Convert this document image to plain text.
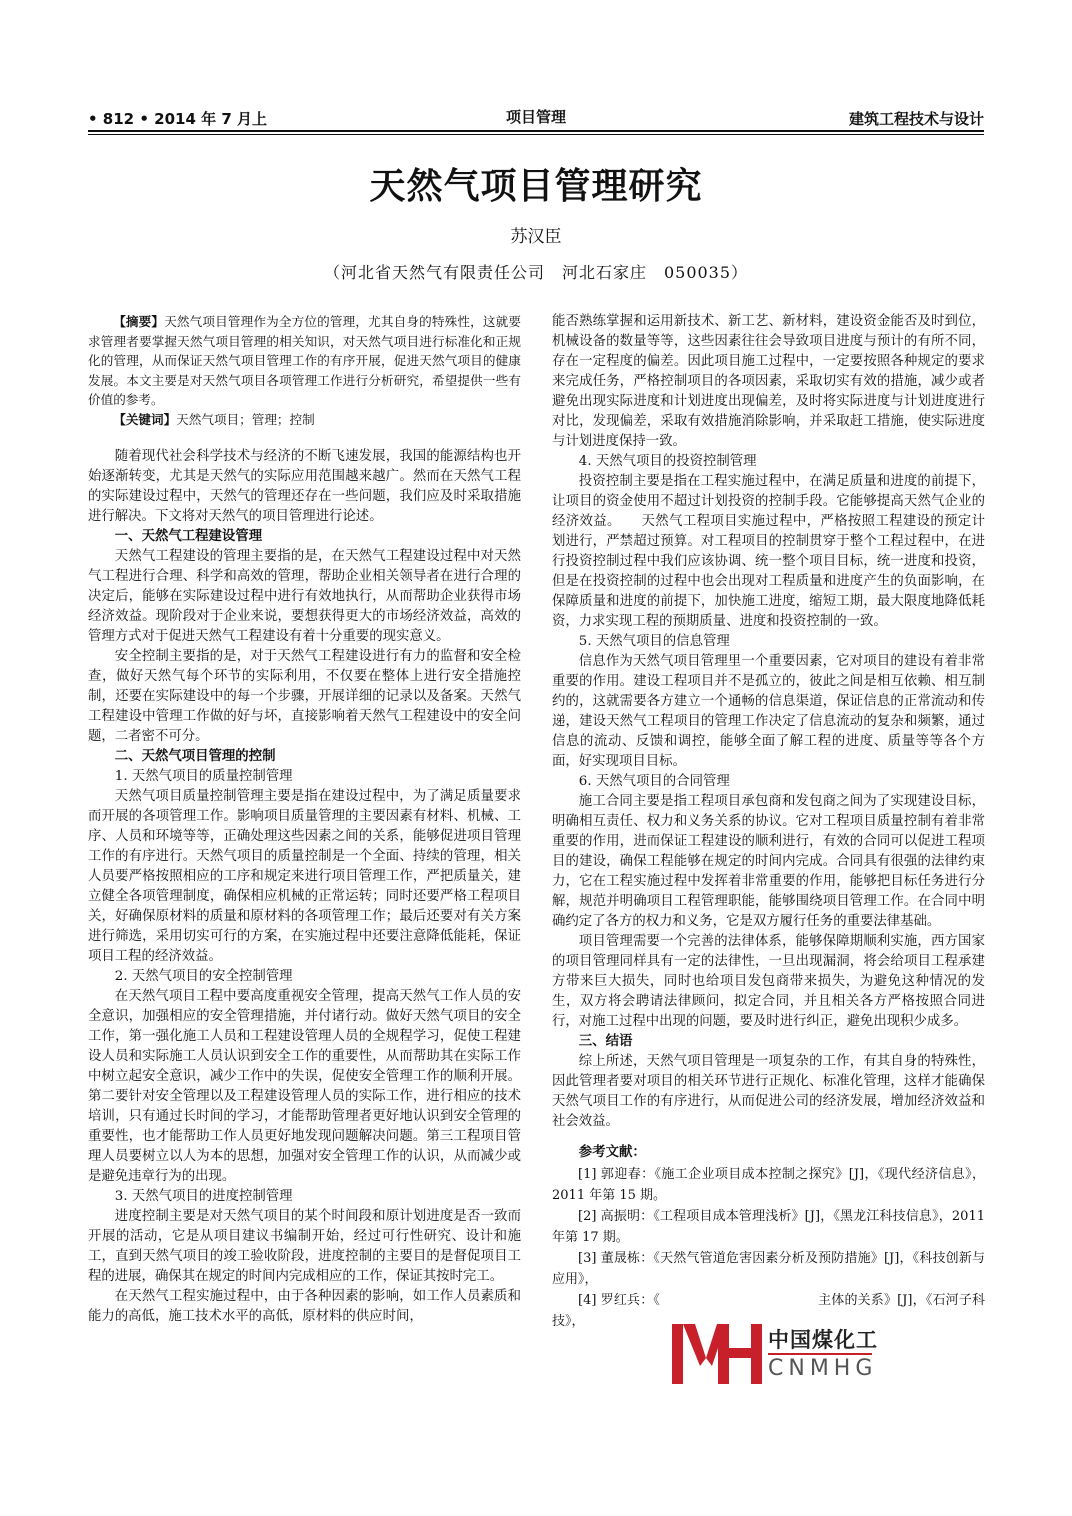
• 812 • 2014 年 7 月上	项目管理	建筑工程技术与设计
天然气项目管理研究
苏汉臣
（河北省天然气有限责任公司　河北石家庄　050035）

【摘要】天然气项目管理作为全方位的管理，尤其自身的特殊性，这就要求管理者要掌握天然气项目管理的相关知识，对天然气项目进行标准化和正规化的管理，从而保证天然气项目管理工作的有序开展，促进天然气项目的健康发展。本文主要是对天然气项目各项管理工作进行分析研究，希望提供一些有价值的参考。

【关键词】天然气项目；管理；控制

随着现代社会科学技术与经济的不断飞速发展，我国的能源结构也开始逐渐转变，尤其是天然气的实际应用范围越来越广。然而在天然气工程的实际建设过程中，天然气的管理还存在一些问题，我们应及时采取措施进行解决。下文将对天然气的项目管理进行论述。

一、天然气工程建设管理

天然气工程建设的管理主要指的是，在天然气工程建设过程中对天然气工程进行合理、科学和高效的管理，帮助企业相关领导者在进行合理的决定后，能够在实际建设过程中进行有效地执行，从而帮助企业获得市场经济效益。现阶段对于企业来说，要想获得更大的市场经济效益，高效的管理方式对于促进天然气工程建设有着十分重要的现实意义。

安全控制主要指的是，对于天然气工程建设进行有力的监督和安全检查，做好天然气每个环节的实际利用，不仅要在整体上进行安全措施控制，还要在实际建设中的每一个步骤，开展详细的记录以及备案。天然气工程建设中管理工作做的好与坏，直接影响着天然气工程建设中的安全问题，二者密不可分。

二、天然气项目管理的控制
1. 天然气项目的质量控制管理

天然气项目质量控制管理主要是指在建设过程中，为了满足质量要求而开展的各项管理工作。影响项目质量管理的主要因素有材料、机械、工序、人员和环境等等，正确处理这些因素之间的关系，能够促进项目管理工作的有序进行。天然气项目的质量控制是一个全面、持续的管理，相关人员要严格按照相应的工序和规定来进行项目管理工作，严把质量关，建立健全各项管理制度，确保相应机械的正常运转；同时还要严格工程项目关，好确保原材料的质量和原材料的各项管理工作；最后还要对有关方案进行筛选，采用切实可行的方案，在实施过程中还要注意降低能耗，保证项目工程的经济效益。

2. 天然气项目的安全控制管理

在天然气项目工程中要高度重视安全管理，提高天然气工作人员的安全意识，加强相应的安全管理措施，并付诸行动。做好天然气项目的安全工作，第一强化施工人员和工程建设管理人员的全规程学习，促使工程建设人员和实际施工人员认识到安全工作的重要性，从而帮助其在实际工作中树立起安全意识，减少工作中的失误，促使安全管理工作的顺利开展。第二要针对安全管理以及工程建设管理人员的实际工作，进行相应的技术培训，只有通过长时间的学习，才能帮助管理者更好地认识到安全管理的重要性，也才能帮助工作人员更好地发现问题解决问题。第三工程项目管理人员要树立以人为本的思想，加强对安全管理工作的认识，从而减少或是避免违章行为的出现。

3. 天然气项目的进度控制管理

进度控制主要是对天然气项目的某个时间段和原计划进度是否一致而开展的活动，它是从项目建议书编制开始，经过可行性研究、设计和施工，直到天然气项目的竣工验收阶段，进度控制的主要目的是督促项目工程的进展，确保其在规定的时间内完成相应的工作，保证其按时完工。

在天然气工程实施过程中，由于各种因素的影响，如工作人员素质和能力的高低，施工技术水平的高低，原材料的供应时间，

能否熟练掌握和运用新技术、新工艺、新材料，建设资金能否及时到位，机械设备的数量等等，这些因素往往会导致项目进度与预计的有所不同，存在一定程度的偏差。因此项目施工过程中，一定要按照各种规定的要求来完成任务，严格控制项目的各项因素，采取切实有效的措施，减少或者避免出现实际进度和计划进度出现偏差，及时将实际进度与计划进度进行对比，发现偏差，采取有效措施消除影响，并采取赶工措施，使实际进度与计划进度保持一致。

4. 天然气项目的投资控制管理

投资控制主要是指在工程实施过程中，在满足质量和进度的前提下，让项目的资金使用不超过计划投资的控制手段。它能够提高天然气企业的经济效益。　　天然气工程项目实施过程中，严格按照工程建设的预定计划进行，严禁超过预算。对工程项目的控制贯穿于整个工程过程中，在进行投资控制过程中我们应该协调、统一整个项目目标，统一进度和投资，但是在投资控制的过程中也会出现对工程质量和进度产生的负面影响，在保障质量和进度的前提下，加快施工进度，缩短工期，最大限度地降低耗资，力求实现工程的预期质量、进度和投资控制的一致。

5. 天然气项目的信息管理

信息作为天然气项目管理里一个重要因素，它对项目的建设有着非常重要的作用。建设工程项目并不是孤立的，彼此之间是相互依赖、相互制约的，这就需要各方建立一个通畅的信息渠道，保证信息的正常流动和传递，建设天然气工程项目的管理工作决定了信息流动的复杂和频繁，通过信息的流动、反馈和调控，能够全面了解工程的进度、质量等等各个方面，好实现项目目标。

6. 天然气项目的合同管理

施工合同主要是指工程项目承包商和发包商之间为了实现建设目标，明确相互责任、权力和义务关系的协议。它对工程项目质量控制有着非常重要的作用，进而保证工程建设的顺利进行，有效的合同可以促进工程项目的建设，确保工程能够在规定的时间内完成。合同具有很强的法律约束力，它在工程实施过程中发挥着非常重要的作用，能够把目标任务进行分解，规范并明确项目工程管理职能，能够围绕项目管理工作。在合同中明确约定了各方的权力和义务，它是双方履行任务的重要法律基础。

项目管理需要一个完善的法律体系，能够保障期顺利实施，西方国家的项目管理同样具有一定的法律性，一旦出现漏洞，将会给项目工程承建方带来巨大损失，同时也给项目发包商带来损失，为避免这种情况的发生，双方将会聘请法律顾问，拟定合同，并且相关各方严格按照合同进行，对施工过程中出现的问题，要及时进行纠正，避免出现积少成多。

三、结语

综上所述，天然气项目管理是一项复杂的工作，有其自身的特殊性，因此管理者要对项目的相关环节进行正规化、标准化管理，这样才能确保天然气项目工作的有序进行，从而促进公司的经济发展，增加经济效益和社会效益。

参考文献：

[1] 郭迎春：《施工企业项目成本控制之探究》[J]，《现代经济信息》，2011 年第 15 期。

[2] 高振明：《工程项目成本管理浅析》[J]，《黑龙江科技信息》，2011 年第 17 期。

[3] 董晟栋：《天然气管道危害因素分析及预防措施》[J]，《科技创新与应用》，

[4] 罗红兵：《　　　　　　　　　　　　主体的关系》[J]，《石河子科技》，

中国煤化工
CNMHG
